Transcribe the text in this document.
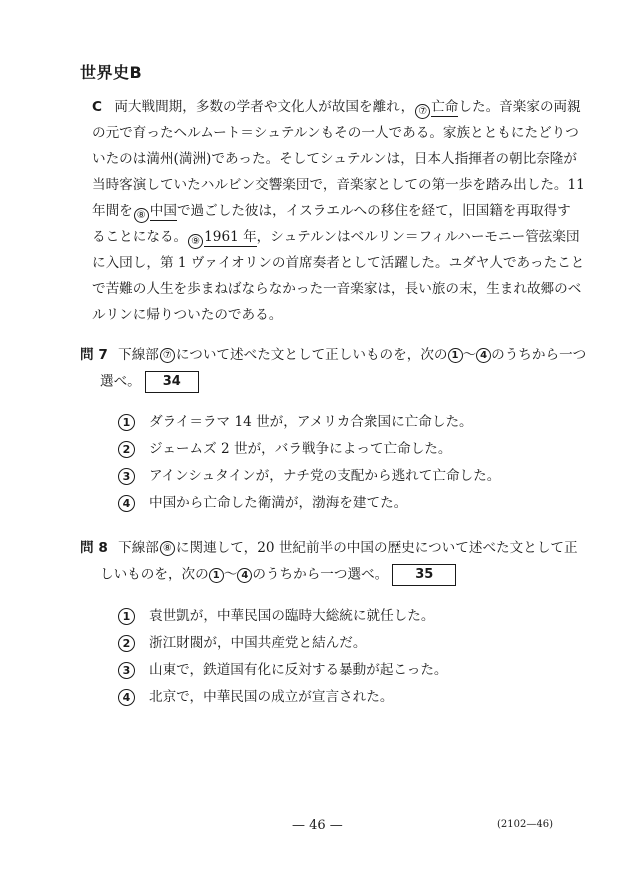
世界史B
C 両大戦間期，多数の学者や文化人が故国を離れ， ⑦ 亡命した。音楽家の両親
の元で育ったヘルムート＝シュテルンもその一人である。家族とともにたどりつ
いたのは満州(満洲)であった。そしてシュテルンは，日本人指揮者の朝比奈隆が
当時客演していたハルビン交響楽団で，音楽家としての第一歩を踏み出した。11
年間を ⑧ 中国で過ごした彼は，イスラエルへの移住を経て，旧国籍を再取得す
ることになる。 ⑨ 1961 年，シュテルンはベルリン＝フィルハーモニー管弦楽団
に入団し，第 1 ヴァイオリンの首席奏者として活躍した。ユダヤ人であったこと
で苦難の人生を歩まねばならなかった一音楽家は，長い旅の末，生まれ故郷のベ
ルリンに帰りついたのである。
問 7 下線部 ⑦ について述べた文として正しいものを，次の 1 ～ 4 のうちから一つ
選べ。 34
1 ダライ＝ラマ 14 世が，アメリカ合衆国に亡命した。
2 ジェームズ 2 世が，バラ戦争によって亡命した。
3 アインシュタインが，ナチ党の支配から逃れて亡命した。
4 中国から亡命した衛満が，渤海を建てた。
問 8 下線部 ⑧ に関連して，20 世紀前半の中国の歴史について述べた文として正
しいものを，次の 1 ～ 4 のうちから一つ選べ。 35
1 袁世凱が，中華民国の臨時大総統に就任した。
2 浙江財閥が，中国共産党と結んだ。
3 山東で，鉄道国有化に反対する暴動が起こった。
4 北京で，中華民国の成立が宣言された。
— 46 —	(2102—46)
